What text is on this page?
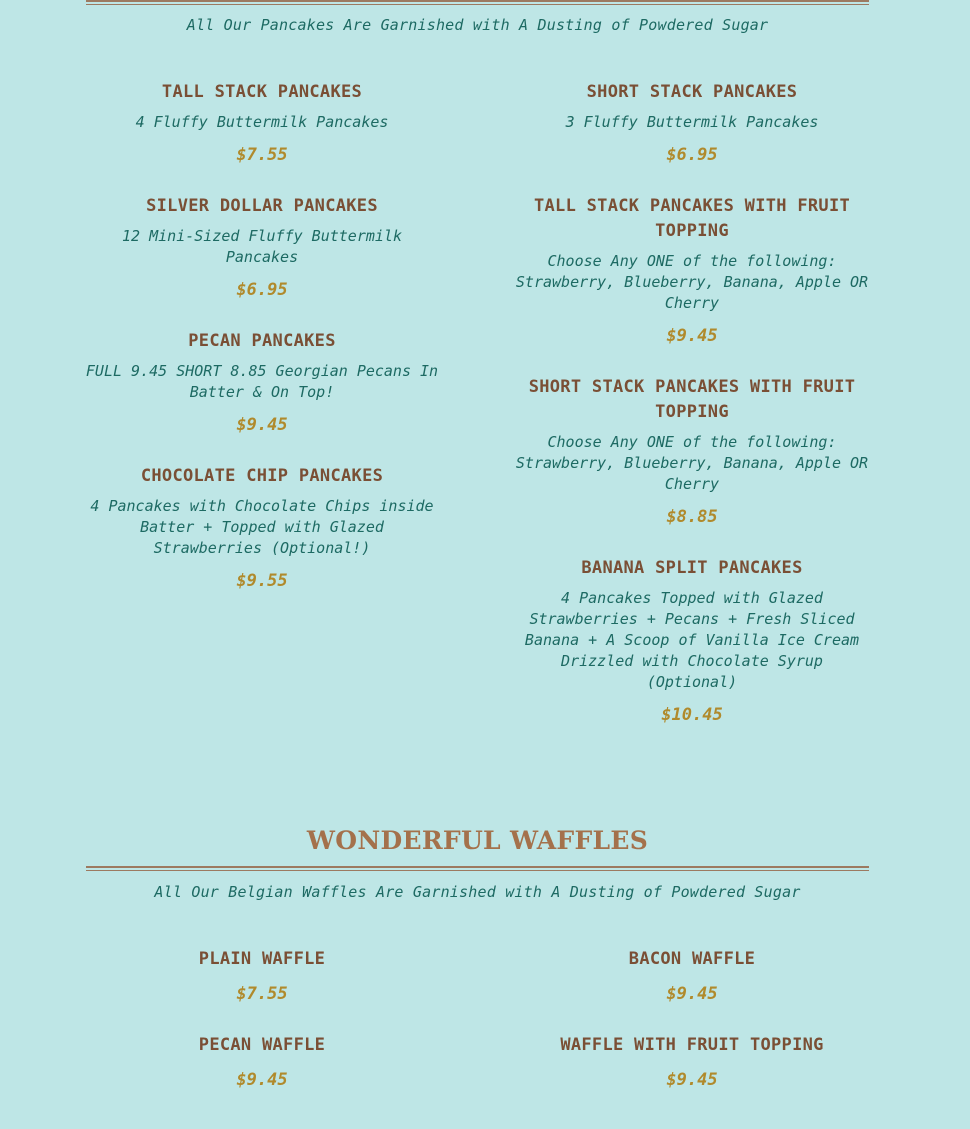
All Our Pancakes Are Garnished with A Dusting of Powdered Sugar
TALL STACK PANCAKES
4 Fluffy Buttermilk Pancakes
$7.55
SILVER DOLLAR PANCAKES
12 Mini-Sized Fluffy Buttermilk Pancakes
$6.95
PECAN PANCAKES
FULL 9.45 SHORT 8.85 Georgian Pecans In Batter & On Top!
$9.45
CHOCOLATE CHIP PANCAKES
4 Pancakes with Chocolate Chips inside Batter + Topped with Glazed Strawberries (Optional!)
$9.55
SHORT STACK PANCAKES
3 Fluffy Buttermilk Pancakes
$6.95
TALL STACK PANCAKES WITH FRUIT TOPPING
Choose Any ONE of the following: Strawberry, Blueberry, Banana, Apple OR Cherry
$9.45
SHORT STACK PANCAKES WITH FRUIT TOPPING
Choose Any ONE of the following: Strawberry, Blueberry, Banana, Apple OR Cherry
$8.85
BANANA SPLIT PANCAKES
4 Pancakes Topped with Glazed Strawberries + Pecans + Fresh Sliced Banana + A Scoop of Vanilla Ice Cream Drizzled with Chocolate Syrup (Optional)
$10.45
WONDERFUL WAFFLES
All Our Belgian Waffles Are Garnished with A Dusting of Powdered Sugar
PLAIN WAFFLE
$7.55
PECAN WAFFLE
$9.45
BACON WAFFLE
$9.45
WAFFLE WITH FRUIT TOPPING
$9.45
